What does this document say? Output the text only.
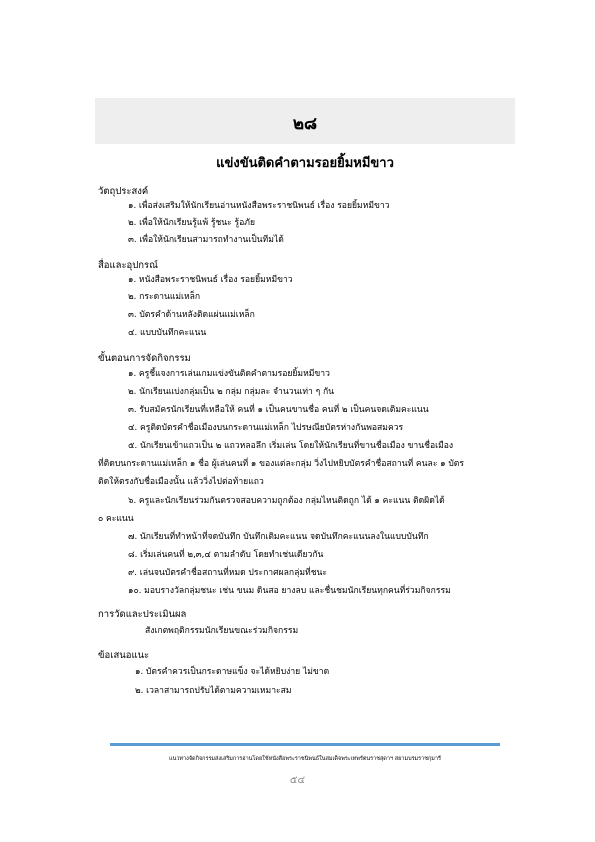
๒๘
แข่งขันติดคำตามรอยยิ้มหมีขาว
วัตถุประสงค์
๑. เพื่อส่งเสริมให้นักเรียนอ่านหนังสือพระราชนิพนธ์ เรื่อง รอยยิ้มหมีขาว
๒. เพื่อให้นักเรียนรู้แพ้ รู้ชนะ รู้อภัย
๓. เพื่อให้นักเรียนสามารถทำงานเป็นทีมได้
สื่อและอุปกรณ์
๑. หนังสือพระราชนิพนธ์ เรื่อง รอยยิ้มหมีขาว
๒. กระดานแม่เหล็ก
๓. บัตรคำด้านหลังติดแผ่นแม่เหล็ก
๔. แบบบันทึกคะแนน
ขั้นตอนการจัดกิจกรรม
๑. ครูชี้แจงการเล่นเกมแข่งขันติดคำตามรอยยิ้มหมีขาว
๒. นักเรียนแบ่งกลุ่มเป็น ๒ กลุ่ม กลุ่มละ จำนวนเท่า ๆ กัน
๓. รับสมัครนักเรียนที่เหลือให้ คนที่ ๑ เป็นคนขานชื่อ คนที่ ๒ เป็นคนจดเติมคะแนน
๔. ครูติดบัตรคำชื่อเมืองบนกระดานแม่เหล็ก ไปรษณียบัตรห่างกันพอสมควร
๕. นักเรียนเข้าแถวเป็น ๒ แถวหลอลึก เริ่มเล่น โดยให้นักเรียนที่ขานชื่อเมือง ขานชื่อเมือง
ที่ติดบนกระดานแม่เหล็ก ๑ ชื่อ ผู้เล่นคนที่ ๑ ของแต่ละกลุ่ม วิ่งไปหยิบบัตรคำชื่อสถานที่ คนละ ๑ บัตร
ติดให้ตรงกับชื่อเมืองนั้น แล้ววิ่งไปต่อท้ายแถว
๖. ครูและนักเรียนร่วมกันตรวจสอบความถูกต้อง กลุ่มไหนติดถูก ได้ ๑ คะแนน ติดผิดได้
๐ คะแนน
๗. นักเรียนที่ทำหน้าที่จดบันทึก บันทึกเติมคะแนน จดบันทึกคะแนนลงในแบบบันทึก
๘. เริ่มเล่นคนที่ ๒,๓,๔ ตามลำดับ โดยทำเช่นเดียวกัน
๙. เล่นจนบัตรคำชื่อสถานที่หมด ประกาศผลกลุ่มที่ชนะ
๑๐. มอบรางวัลกลุ่มชนะ เช่น ขนม ดินสอ ยางลบ และชื่นชมนักเรียนทุกคนที่ร่วมกิจกรรม
การวัดและประเมินผล
สังเกตพฤติกรรมนักเรียนขณะร่วมกิจกรรม
ข้อเสนอแนะ
๑. บัตรคำควรเป็นกระดาษแข็ง จะได้หยิบง่าย ไม่ขาด
๒. เวลาสามารถปรับได้ตามความเหมาะสม
แนวทางจัดกิจกรรมส่งเสริมการอ่านโดยใช้หนังสือพระราชนิพนธ์ในสมเด็จพระเทพรัตนราชสุดาฯ สยามบรมราชกุมารี
๕๔
